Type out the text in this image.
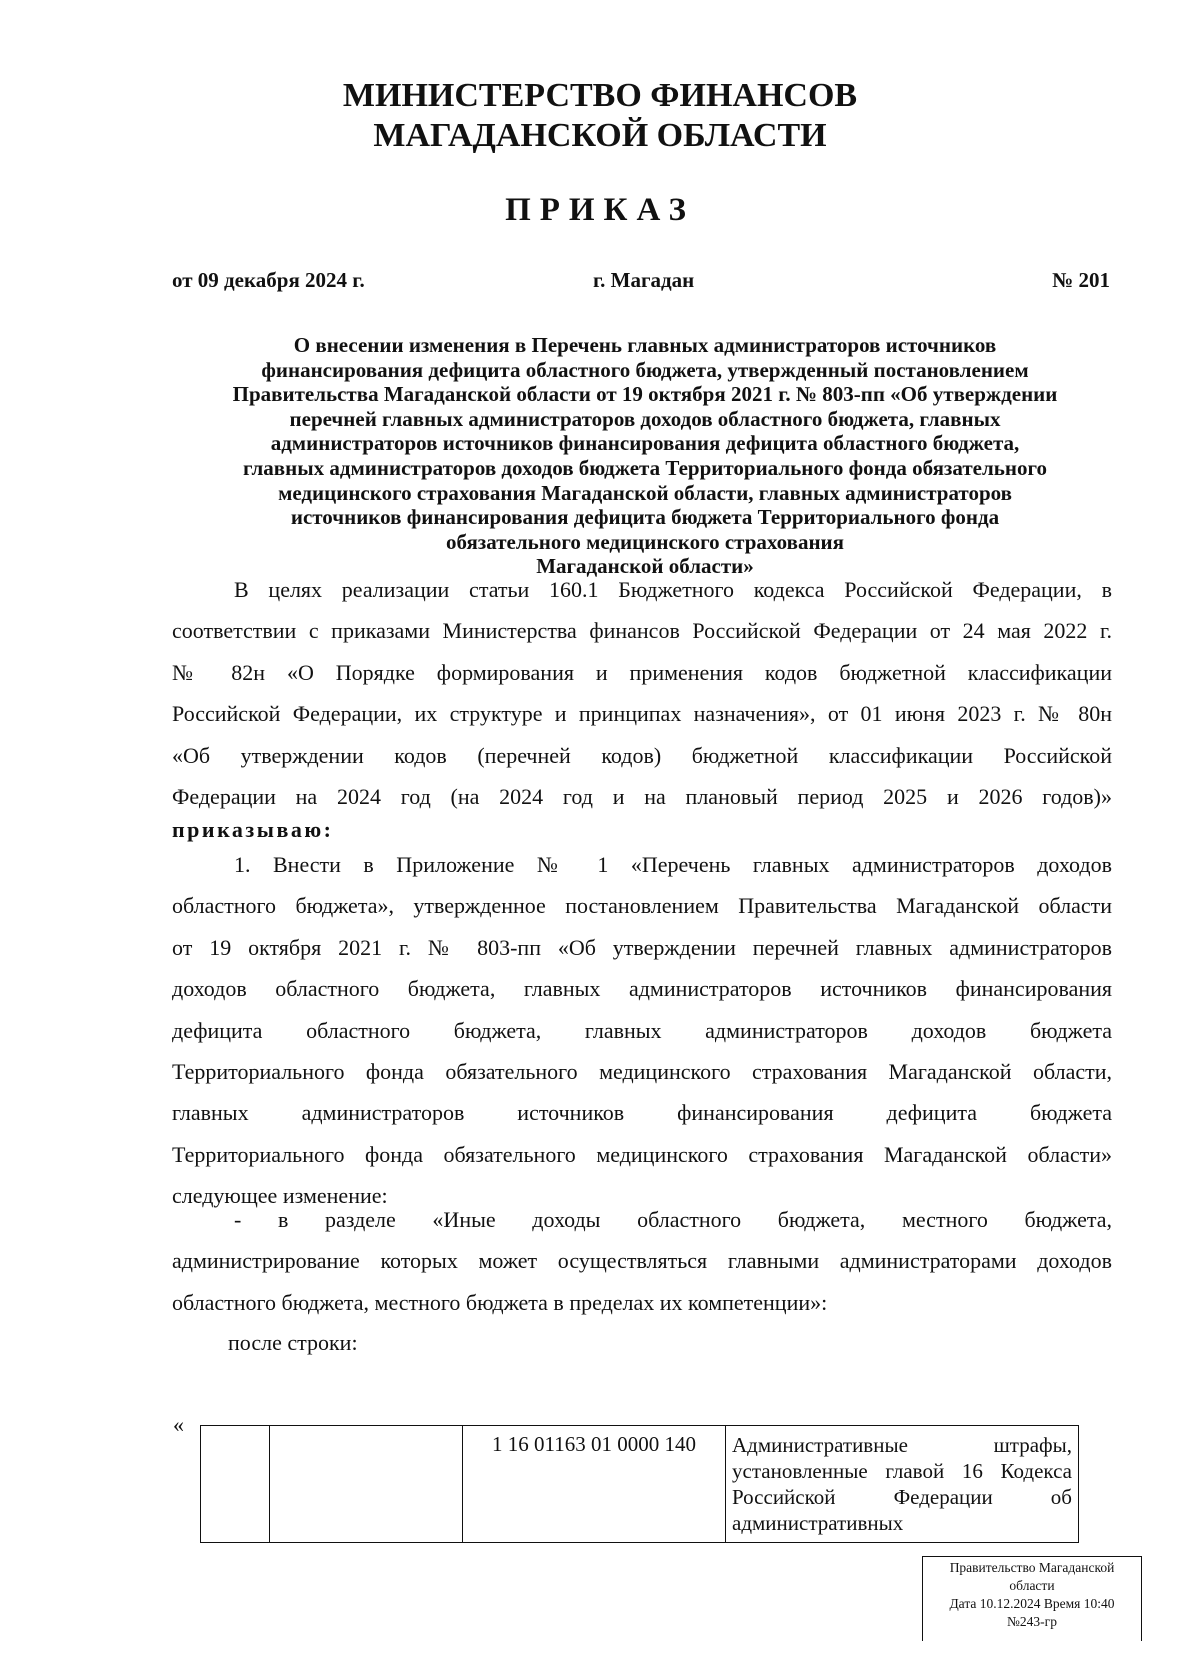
МИНИСТЕРСТВО ФИНАНСОВ
МАГАДАНСКОЙ ОБЛАСТИ
ПРИКАЗ
от 09 декабря 2024 г.	г. Магадан	№ 201
О внесении изменения в Перечень главных администраторов источников
финансирования дефицита областного бюджета, утвержденный постановлением
Правительства Магаданской области от 19 октября 2021 г. № 803-пп «Об утверждении
перечней главных администраторов доходов областного бюджета, главных
администраторов источников финансирования дефицита областного бюджета,
главных администраторов доходов бюджета Территориального фонда обязательного
медицинского страхования Магаданской области, главных администраторов
источников финансирования дефицита бюджета Территориального фонда
обязательного медицинского страхования
Магаданской области»
В целях реализации статьи 160.1 Бюджетного кодекса Российской Федерации, в
соответствии с приказами Министерства финансов Российской Федерации от 24 мая 2022 г.
№ 82н «О Порядке формирования и применения кодов бюджетной классификации
Российской Федерации, их структуре и принципах назначения», от 01 июня 2023 г. № 80н
«Об утверждении кодов (перечней кодов) бюджетной классификации Российской
Федерации на 2024 год (на 2024 год и на плановый период 2025 и 2026 годов)»
приказываю:
1. Внести в Приложение № 1 «Перечень главных администраторов доходов
областного бюджета», утвержденное постановлением Правительства Магаданской области
от 19 октября 2021 г. № 803-пп «Об утверждении перечней главных администраторов
доходов областного бюджета, главных администраторов источников финансирования
дефицита областного бюджета, главных администраторов доходов бюджета
Территориального фонда обязательного медицинского страхования Магаданской области,
главных администраторов источников финансирования дефицита бюджета
Территориального фонда обязательного медицинского страхования Магаданской области»
следующее изменение:
- в разделе «Иные доходы областного бюджета, местного бюджета,
администрирование которых может осуществляться главными администраторами доходов
областного бюджета, местного бюджета в пределах их компетенции»:
после строки:
«
		1 16 01163 01 0000 140	Административные штрафы,
установленные главой 16 Кодекса
Российской Федерации об
административных
Правительство Магаданской
области
Дата 10.12.2024 Время 10:40
№243-гр
